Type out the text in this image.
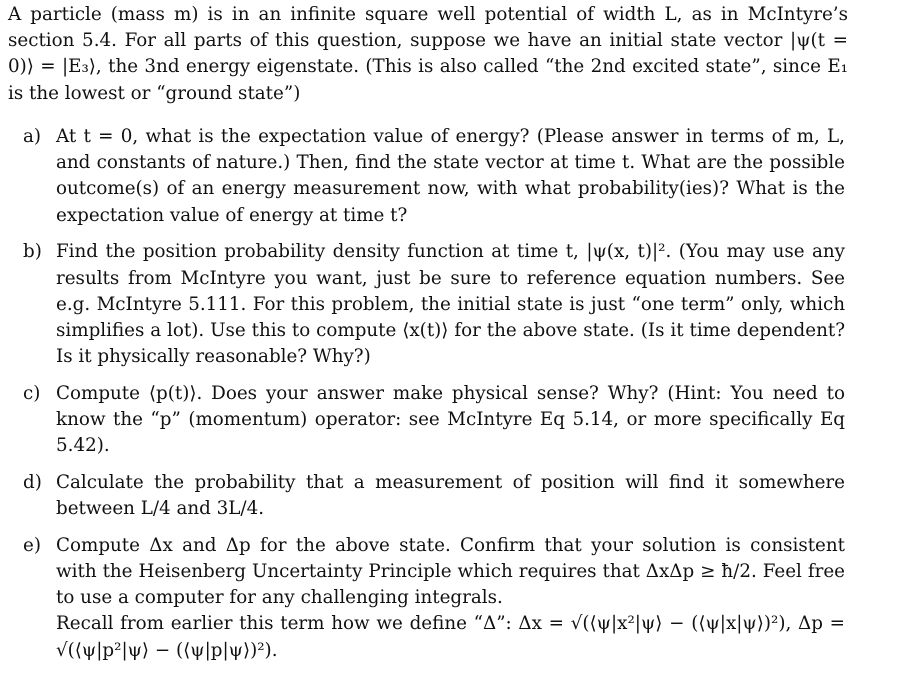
A particle (mass m) is in an infinite square well potential of width L, as in McIntyre’s section 5.4. For all parts of this question, suppose we have an initial state vector |ψ(t = 0)⟩ = |E₃⟩, the 3nd energy eigenstate. (This is also called “the 2nd excited state”, since E₁ is the lowest or “ground state”)

a) At t = 0, what is the expectation value of energy? (Please answer in terms of m, L, and constants of nature.) Then, find the state vector at time t. What are the possible outcome(s) of an energy measurement now, with what probability(ies)? What is the expectation value of energy at time t?

b) Find the position probability density function at time t, |ψ(x, t)|². (You may use any results from McIntyre you want, just be sure to reference equation numbers. See e.g. McIntyre 5.111. For this problem, the initial state is just “one term” only, which simplifies a lot). Use this to compute ⟨x(t)⟩ for the above state. (Is it time dependent? Is it physically reasonable? Why?)

c) Compute ⟨p(t)⟩. Does your answer make physical sense? Why? (Hint: You need to know the “p” (momentum) operator: see McIntyre Eq 5.14, or more specifically Eq 5.42).

d) Calculate the probability that a measurement of position will find it somewhere between L/4 and 3L/4.

e) Compute Δx and Δp for the above state. Confirm that your solution is consistent with the Heisenberg Uncertainty Principle which requires that ΔxΔp ≥ ħ/2. Feel free to use a computer for any challenging integrals.

Recall from earlier this term how we define “Δ”: Δx = √(⟨ψ|x²|ψ⟩ − (⟨ψ|x|ψ⟩)²), Δp = √(⟨ψ|p²|ψ⟩ − (⟨ψ|p|ψ⟩)²).
